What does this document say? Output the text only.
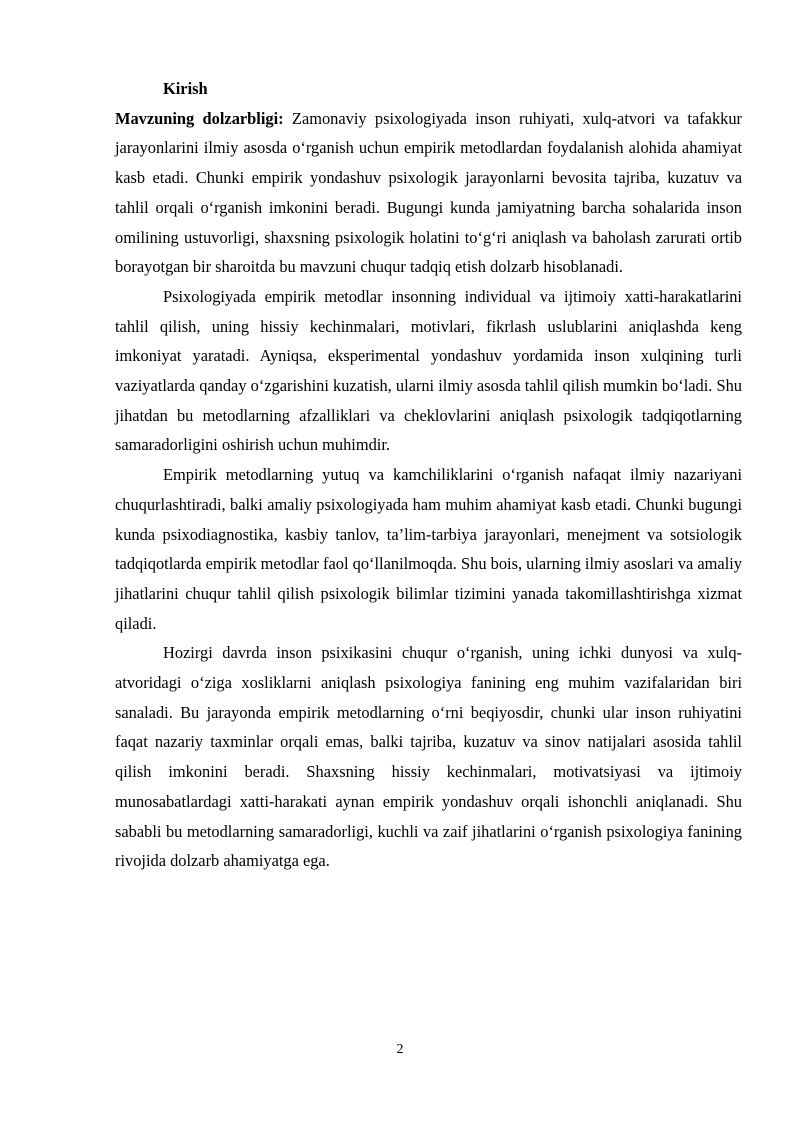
Kirish

Mavzuning dolzarbligi: Zamonaviy psixologiyada inson ruhiyati, xulq-atvori va tafakkur jarayonlarini ilmiy asosda o‘rganish uchun empirik metodlardan foydalanish alohida ahamiyat kasb etadi. Chunki empirik yondashuv psixologik jarayonlarni bevosita tajriba, kuzatuv va tahlil orqali o‘rganish imkonini beradi. Bugungi kunda jamiyatning barcha sohalarida inson omilining ustuvorligi, shaxsning psixologik holatini to‘g‘ri aniqlash va baholash zarurati ortib borayotgan bir sharoitda bu mavzuni chuqur tadqiq etish dolzarb hisoblanadi.

Psixologiyada empirik metodlar insonning individual va ijtimoiy xatti-harakatlarini tahlil qilish, uning hissiy kechinmalari, motivlari, fikrlash uslublarini aniqlashda keng imkoniyat yaratadi. Ayniqsa, eksperimental yondashuv yordamida inson xulqining turli vaziyatlarda qanday o‘zgarishini kuzatish, ularni ilmiy asosda tahlil qilish mumkin bo‘ladi. Shu jihatdan bu metodlarning afzalliklari va cheklovlarini aniqlash psixologik tadqiqotlarning samaradorligini oshirish uchun muhimdir.

Empirik metodlarning yutuq va kamchiliklarini o‘rganish nafaqat ilmiy nazariyani chuqurlashtiradi, balki amaliy psixologiyada ham muhim ahamiyat kasb etadi. Chunki bugungi kunda psixodiagnostika, kasbiy tanlov, ta’lim-tarbiya jarayonlari, menejment va sotsiologik tadqiqotlarda empirik metodlar faol qo‘llanilmoqda. Shu bois, ularning ilmiy asoslari va amaliy jihatlarini chuqur tahlil qilish psixologik bilimlar tizimini yanada takomillashtirishga xizmat qiladi.

Hozirgi davrda inson psixikasini chuqur o‘rganish, uning ichki dunyosi va xulq-atvoridagi o‘ziga xosliklarni aniqlash psixologiya fanining eng muhim vazifalaridan biri sanaladi. Bu jarayonda empirik metodlarning o‘rni beqiyosdir, chunki ular inson ruhiyatini faqat nazariy taxminlar orqali emas, balki tajriba, kuzatuv va sinov natijalari asosida tahlil qilish imkonini beradi. Shaxsning hissiy kechinmalari, motivatsiyasi va ijtimoiy munosabatlardagi xatti-harakati aynan empirik yondashuv orqali ishonchli aniqlanadi. Shu sababli bu metodlarning samaradorligi, kuchli va zaif jihatlarini o‘rganish psixologiya fanining rivojida dolzarb ahamiyatga ega.

2
